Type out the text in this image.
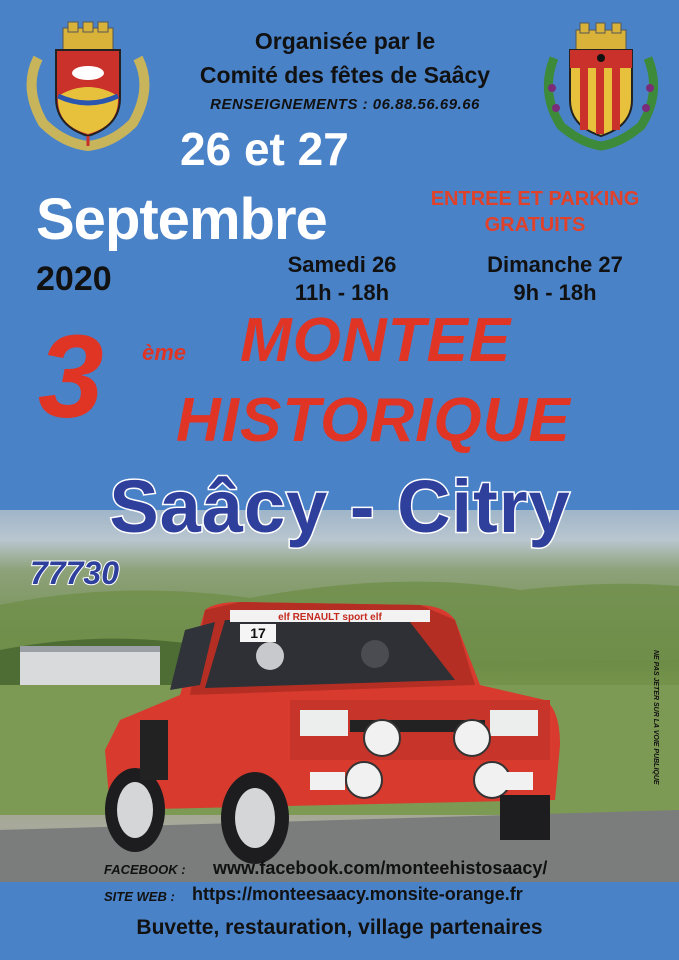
Organisée par le
Comité des fêtes de Saâcy
RENSEIGNEMENTS : 06.88.56.69.66
26 et 27
Septembre
2020
ENTREE ET PARKING
GRATUITS
Samedi 26
11h - 18h
Dimanche 27
9h - 18h
elf RENAULT sport elf
17
3 ème MONTEE
HISTORIQUE
Saâcy - Citry
77730
NE PAS JETER SUR LA VOIE PUBLIQUE
FACEBOOK : www.facebook.com/monteehistosaacy/
SITE WEB : https://monteesaacy.monsite-orange.fr
Buvette, restauration, village partenaires
